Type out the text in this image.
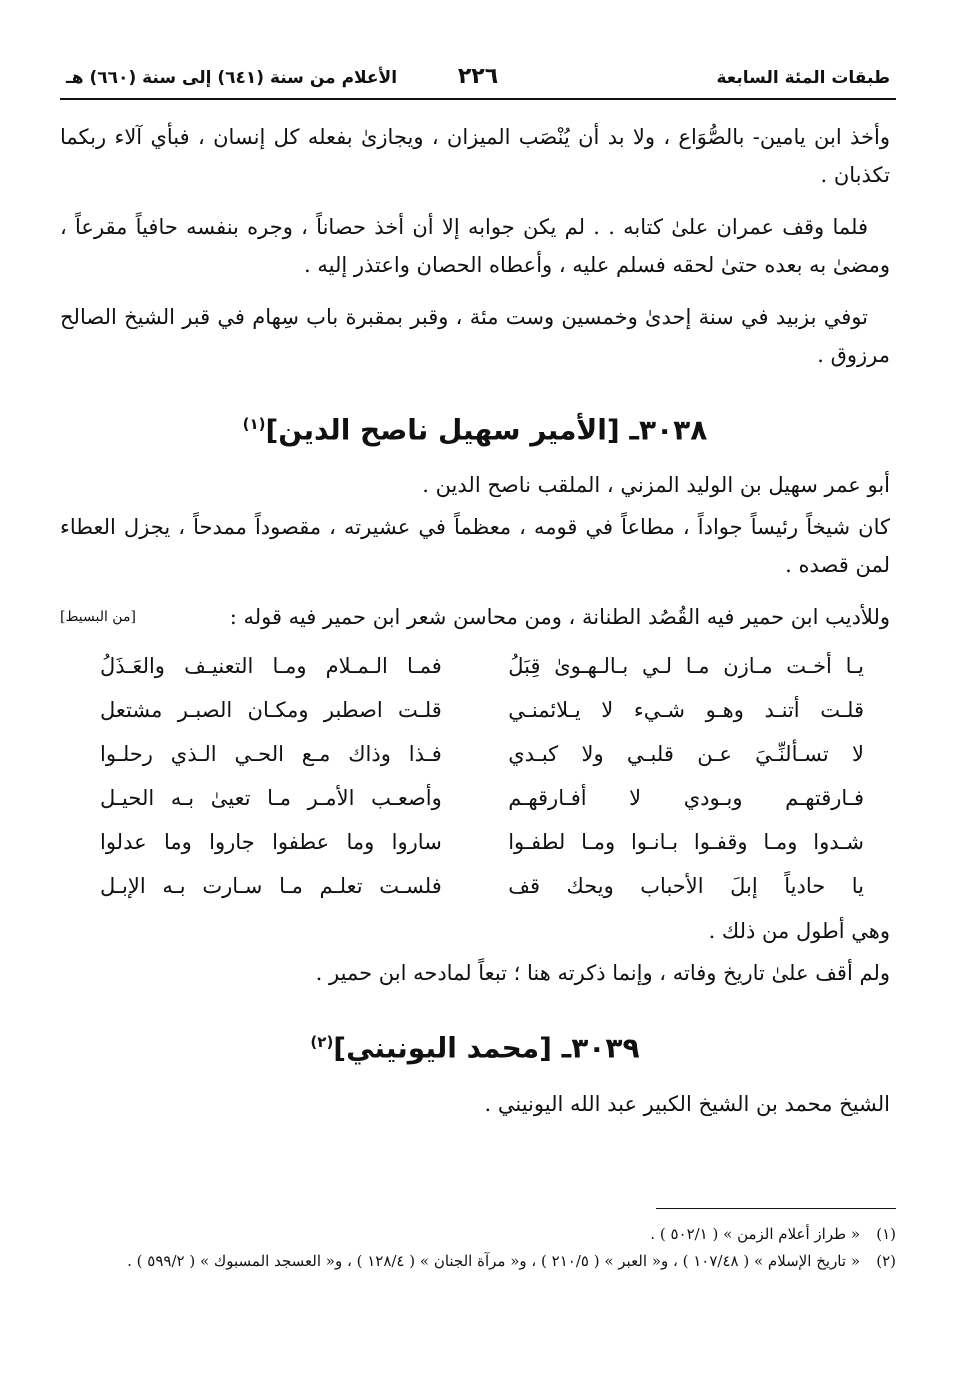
طبقات المئة السابعة
٢٢٦
الأعلام من سنة (٦٤١) إلى سنة (٦٦٠) هـ

وأخذ ابن يامين- بالصُّوَاع ، ولا بد أن يُنْصَب الميزان ، ويجازىٰ بفعله كل إنسان ، فبأي آلاء ربكما تكذبان .

فلما وقف عمران علىٰ كتابه . . لم يكن جوابه إلا أن أخذ حصاناً ، وجره بنفسه حافياً مقرعاً ، ومضىٰ به بعده حتىٰ لحقه فسلم عليه ، وأعطاه الحصان واعتذر إليه .

توفي بزبيد في سنة إحدىٰ وخمسين وست مئة ، وقبر بمقبرة باب سِهام في قبر الشيخ الصالح مرزوق .

٣٠٣٨ـ [الأمير سهيل ناصح الدين]$^{(١)}$

أبو عمر سهيل بن الوليد المزني ، الملقب ناصح الدين .

كان شيخاً رئيساً جواداً ، مطاعاً في قومه ، معظماً في عشيرته ، مقصوداً ممدحاً ، يجزل العطاء لمن قصده .

وللأديب ابن حمير فيه القُصُد الطنانة ، ومن محاسن شعر ابن حمير فيه قوله :
[من البسيط]
يـا أخـت مـازن مـا لـي بـالـهـوىٰ قِبَلُ
فمـا الـمـلام ومـا التعنيـف والعَـذَلُ
قلـت أتنـد وهـو شـيء لا يـلائمنـي
قلـت اصطبر ومكـان الصبـر مشتعل
لا تسـألنِّـيَ عـن قلبـي ولا كبـدي
فـذا وذاك مـع الحـي الـذي رحلـوا
فـارقتهـم وبـودي لا أفـارقهـم
وأصعـب الأمـر مـا تعيىٰ بـه الحيـل
شـدوا ومـا وقفـوا بـانـوا ومـا لطفـوا
ساروا وما عطفوا جاروا وما عدلوا
يا حادياً إبلَ الأحباب ويحك قف
فلسـت تعلـم مـا سـارت بـه الإبـل

وهي أطول من ذلك .

ولم أقف علىٰ تاريخ وفاته ، وإنما ذكرته هنا ؛ تبعاً لمادحه ابن حمير .

٣٠٣٩ـ [محمد اليونيني]$^{(٢)}$

الشيخ محمد بن الشيخ الكبير عبد الله اليونيني .

(١)
« طراز أعلام الزمن » ( ٥٠٢/١ ) .
(٢)
« تاريخ الإسلام » ( ١٠٧/٤٨ ) ، و« العبر » ( ٢١٠/٥ ) ، و« مرآة الجنان » ( ١٢٨/٤ ) ، و« العسجد المسبوك » ( ٥٩٩/٢ ) .
